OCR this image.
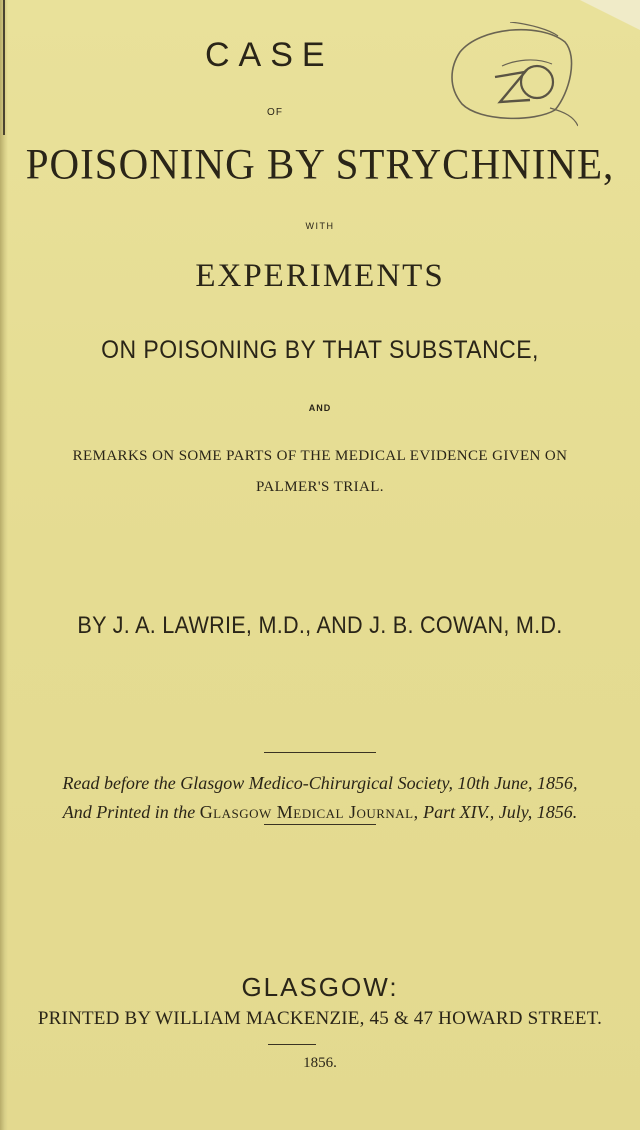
CASE
OF
POISONING BY STRYCHNINE,
WITH
EXPERIMENTS
ON POISONING BY THAT SUBSTANCE,
AND
REMARKS ON SOME PARTS OF THE MEDICAL EVIDENCE GIVEN ON
PALMER'S TRIAL.
BY J. A. LAWRIE, M.D., AND J. B. COWAN, M.D.
Read before the Glasgow Medico-Chirurgical Society, 10th June, 1856,
And Printed in the Glasgow Medical Journal, Part XIV., July, 1856.
GLASGOW:
PRINTED BY WILLIAM MACKENZIE, 45 & 47 HOWARD STREET.
1856.
